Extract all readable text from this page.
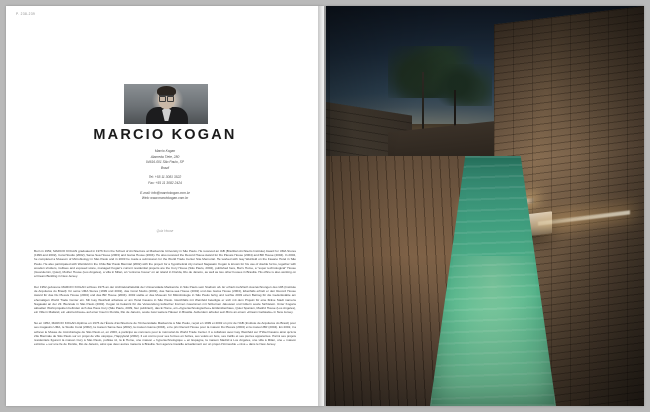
P. 238-239
MARCIO KOGAN
Marcio Kogan
Alameda Tiete, 280
04616-001 São Paulo, SP
Brazil
Tel: +55 11 3081 3522
Fax: +55 11 3082 2424
E-mail: info@marciokogan.com.br
Web: www.marciokogan.com.br
Quiz House

Born in 1952, MARCIO KOGAN graduated in 1976 from the School of Architecture at Mackenzie University in São Paulo. He received an IAB (Brazilian Architects Institute) Award for UMA Stores (1999 and 2002), Coral Studio (2002), Same Sea House (2003) and Gama House (2004). He also received the Record House Award for Du Plessis House (2004) and BR House (2004). In 2002, he completed a Museum of Microbiology in São Paulo and in 2003 he made a submission for the World Trade Center Site Memorial. He worked with Isay Weinfeld on the Fasano Hotel in São Paulo. He also participated with Weinfeld in the Chile Bar Paulo Biennial (2002) with the project for a hypothetical city named Nagasaki. Kogan is known for his use of double forms, together with wooden shutters, trellises and exposed stone, managed Kogan's current residential projects are the Cury House (São Paulo, 2002), published here, Bar's Home, a "super technological" House (Guarulemin, Quiet), Mother House (Los Angeles), a villa in Milan, an "extreme house" on an island in Florida, Rio de Janeiro, as well as two other houses in Brasilia. His office is also working on a Dream Building in New Jersey.

Der 1952 geborene MARCIO KOGAN schloss 1976 an der Architekturfakultät der Universidade Mackenzie in São Paulo sein Studium ab. Er erhielt mehrfach Auszeichnungen des IAB (Institute de Arquitetos do Brasil): für seine UMA Stores (1999 und 2002), das Coral Studio (2002), das Same-sea House (2002) und das Gama House (2004), Ebenfalls erhielt er den Record House Award für das Du Plessis House (2004) und das BR House (2004). 2002 stellte er das Museum für Mikrobiologie in São Paulo fertig und reichte 2003 einen Beitrag für die Gedenkstätte am ehemaligen World Trade Center ein. Mit Isay Weinfeld arbeitete er am Hotel Fasano in São Paulo. Gleichfalls mit Weinfeld beteiligte er sich mit dem Projekt für eine fiktive Stadt namens Nagasaki an der 23. Biennale in São Paulo (2002). Kogan ist bekannt für die Verwendung kubischer Formen zusammen mit hölzernen Jalousien und Gittern sowie Sichtstein. Unter Kogans aktuellen Wohnprojekten befinden sich das Haus Cury (São Paulo, 2009, hier publiziert), das E Home, ein «hypertechnologisches» Einfamilienhaus, Quiet Spanien, Madrid House (Los Angeles), ein Villa in Mailand, ein «Extremhaus» auf einer Insel in Florida, Rio de Janeiro, sowie zwei weitere Häuser in Brasilia. Außerdem arbeitet sein Büro an einem «Dream Gebäude» in New Jersey.

Né en 1952, MARCIO KOGAN diplôme en 1976 de l'École d'architecture de l'Universidade Mackenzie à São Paulo, reçoit en 1999 et 2002 un prix de l'IAB (Institute de Arquitetos do Brasil) pour ses magasins UMA, le Studio Coral (2002), la maison Same-Sea (2002), la maison Gama (2004), et le prix Record House pour la maison Du Plessis (2004) et la maison BR (2004). En 2002, il a achevé le Musée de microbiologie de São Paulo et, en 2003, a participé au concours pour le mémorial du World Trade Center. Il a collaboré avec Isay Weinfeld sur l'Hôtel Fasano ainsi qu'à la 23e Biennale de São Paulo sur un projet de ville utopique, Happyland (2002). Il est connu pour ses formes en boîtes, ses volets en bois, ses treillis et ses pierres apparentes. Parmi ses projets résidentiels figurent la maison Cury à São Paulo, publiée ici, la E Home, une maison « hypertechnologique » en Espagne, la maison Madrid à Los Angeles, une villa à Milan, une « maison extrême » sur une île de Floride, Rio de Janeiro, ainsi que deux autres maisons à Brasilia. Son agence travaille actuellement sur un projet d'immeuble « rêvé » dans le New Jersey.
